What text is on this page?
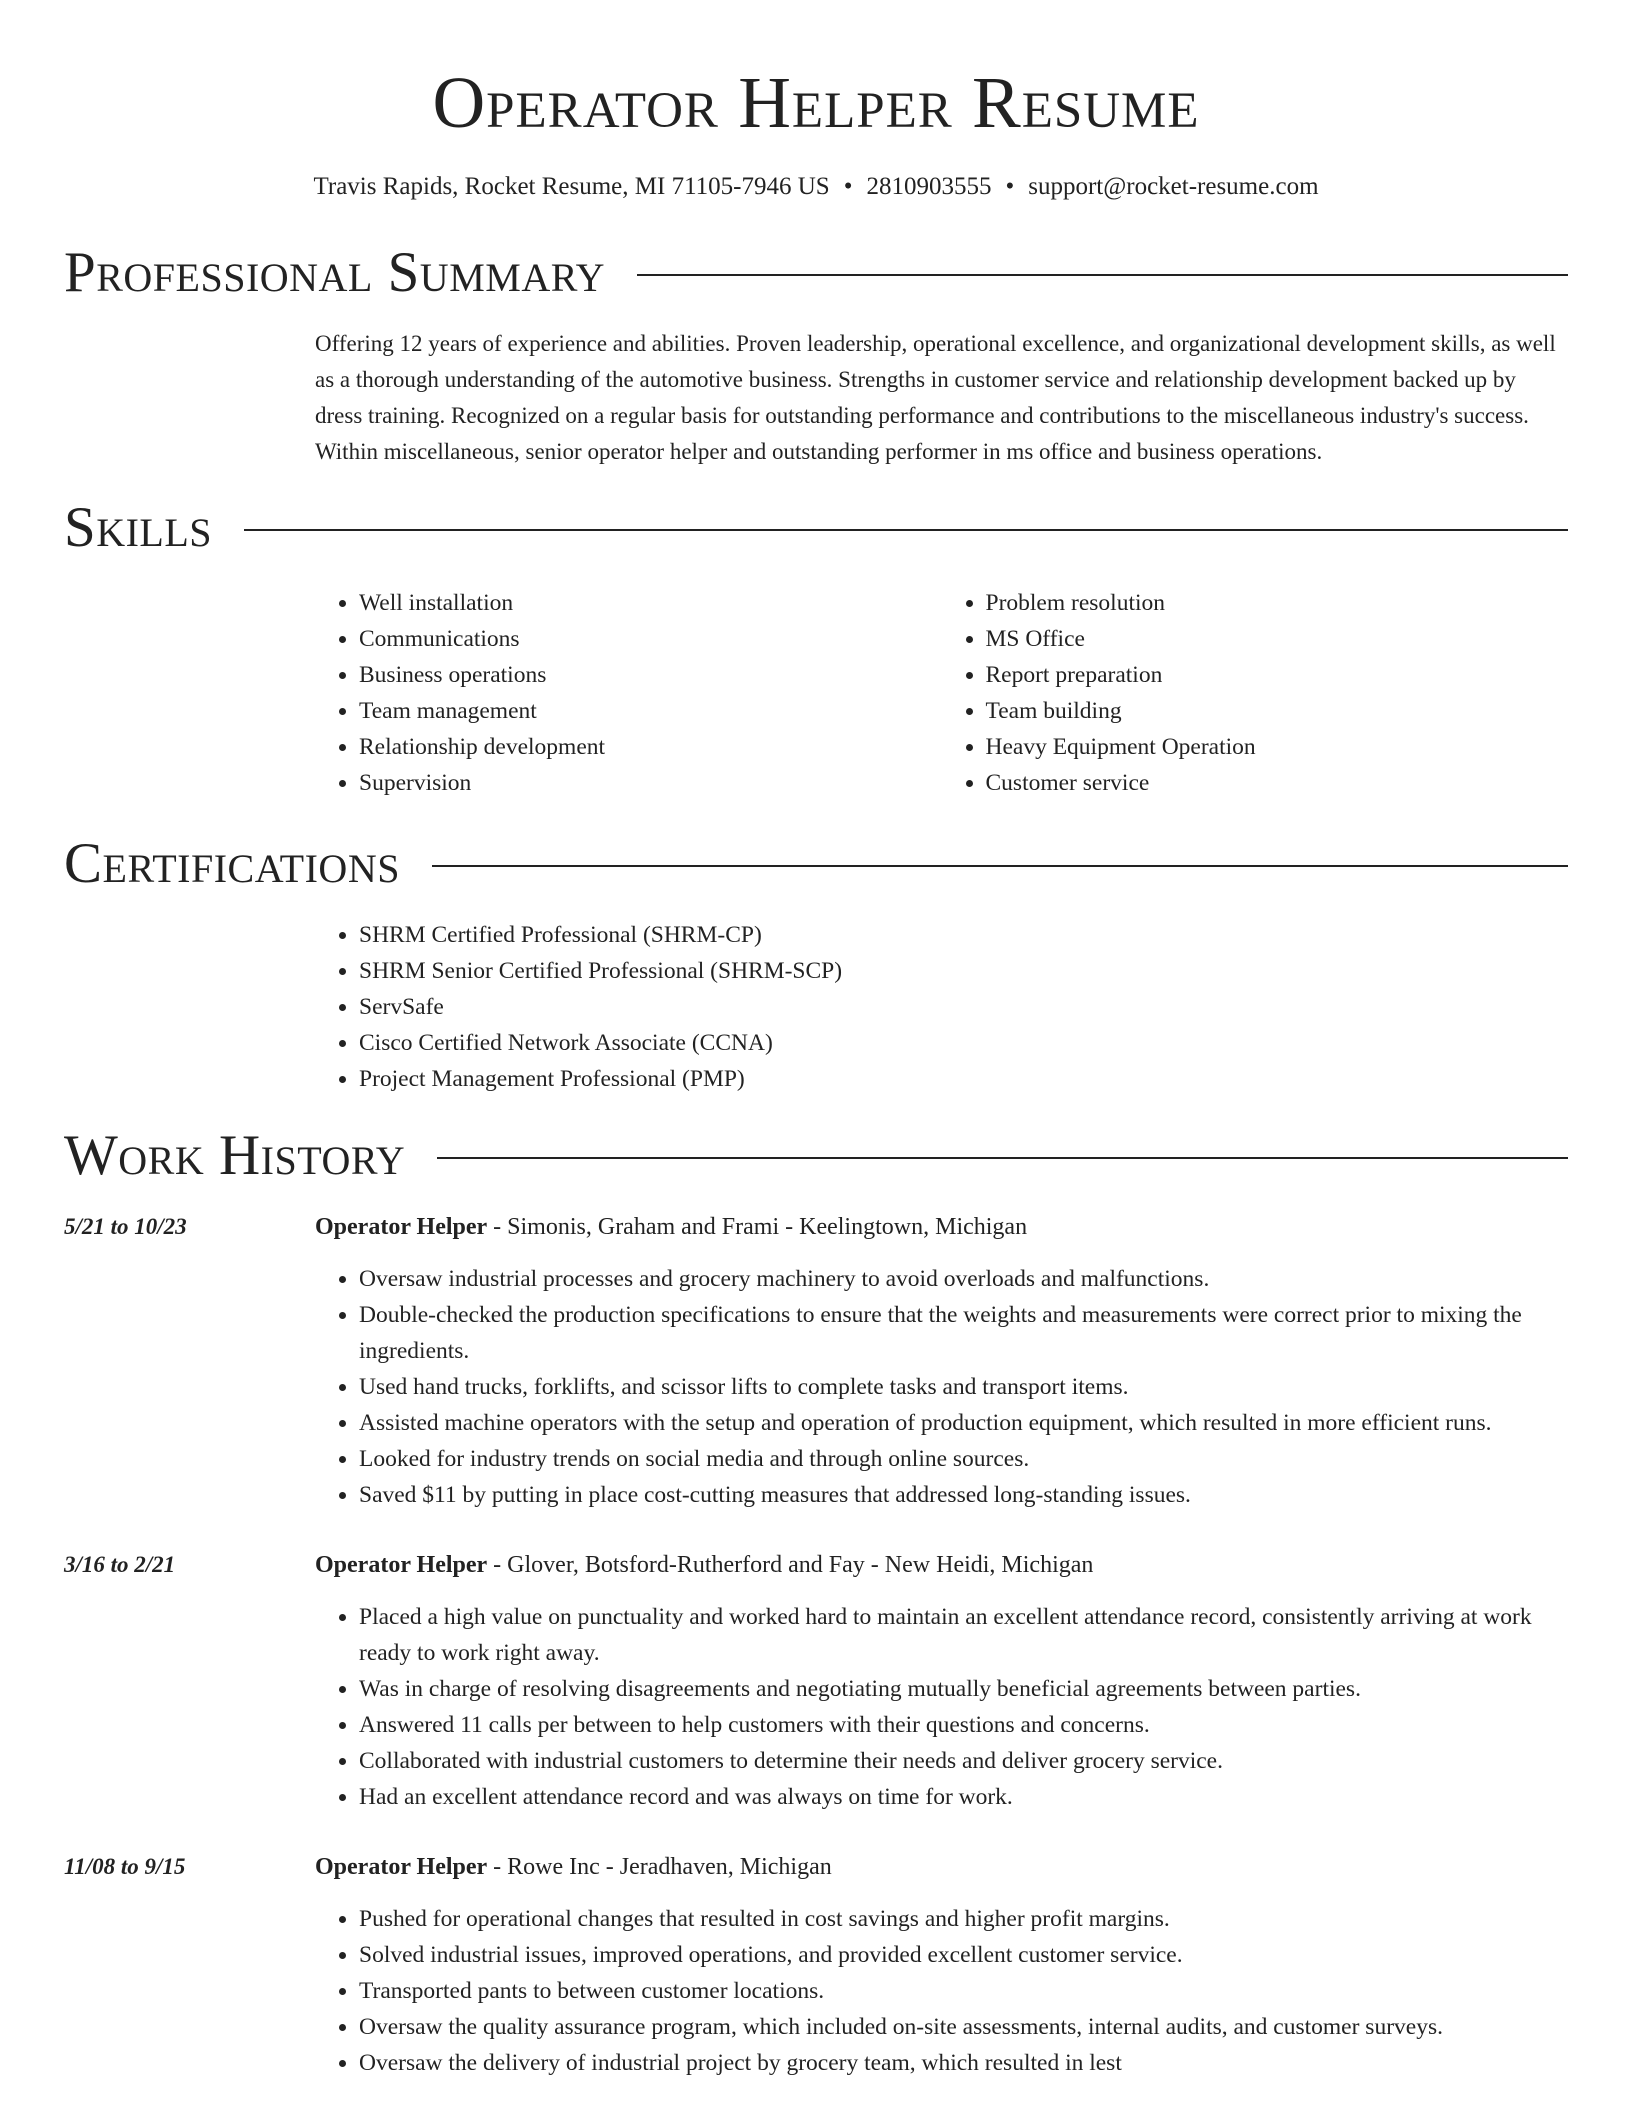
Operator Helper Resume
Travis Rapids, Rocket Resume, MI 71105-7946 US • 2810903555 • support@rocket-resume.com
Professional Summary

Offering 12 years of experience and abilities. Proven leadership, operational excellence, and organizational development skills, as well as a thorough understanding of the automotive business. Strengths in customer service and relationship development backed up by dress training. Recognized on a regular basis for outstanding performance and contributions to the miscellaneous industry's success. Within miscellaneous, senior operator helper and outstanding performer in ms office and business operations.

Skills
• Well installation
• Communications
• Business operations
• Team management
• Relationship development
• Supervision
• Problem resolution
• MS Office
• Report preparation
• Team building
• Heavy Equipment Operation
• Customer service
Certifications
• SHRM Certified Professional (SHRM-CP)
• SHRM Senior Certified Professional (SHRM-SCP)
• ServSafe
• Cisco Certified Network Associate (CCNA)
• Project Management Professional (PMP)
Work History
5/21 to 10/23	Operator Helper - Simonis, Graham and Frami - Keelingtown, Michigan
• Oversaw industrial processes and grocery machinery to avoid overloads and malfunctions.
• Double-checked the production specifications to ensure that the weights and measurements were correct prior to mixing the ingredients.
• Used hand trucks, forklifts, and scissor lifts to complete tasks and transport items.
• Assisted machine operators with the setup and operation of production equipment, which resulted in more efficient runs.
• Looked for industry trends on social media and through online sources.
• Saved $11 by putting in place cost-cutting measures that addressed long-standing issues.
3/16 to 2/21	Operator Helper - Glover, Botsford-Rutherford and Fay - New Heidi, Michigan
• Placed a high value on punctuality and worked hard to maintain an excellent attendance record, consistently arriving at work ready to work right away.
• Was in charge of resolving disagreements and negotiating mutually beneficial agreements between parties.
• Answered 11 calls per between to help customers with their questions and concerns.
• Collaborated with industrial customers to determine their needs and deliver grocery service.
• Had an excellent attendance record and was always on time for work.
11/08 to 9/15	Operator Helper - Rowe Inc - Jeradhaven, Michigan
• Pushed for operational changes that resulted in cost savings and higher profit margins.
• Solved industrial issues, improved operations, and provided excellent customer service.
• Transported pants to between customer locations.
• Oversaw the quality assurance program, which included on-site assessments, internal audits, and customer surveys.
• Oversaw the delivery of industrial project by grocery team, which resulted in lest
